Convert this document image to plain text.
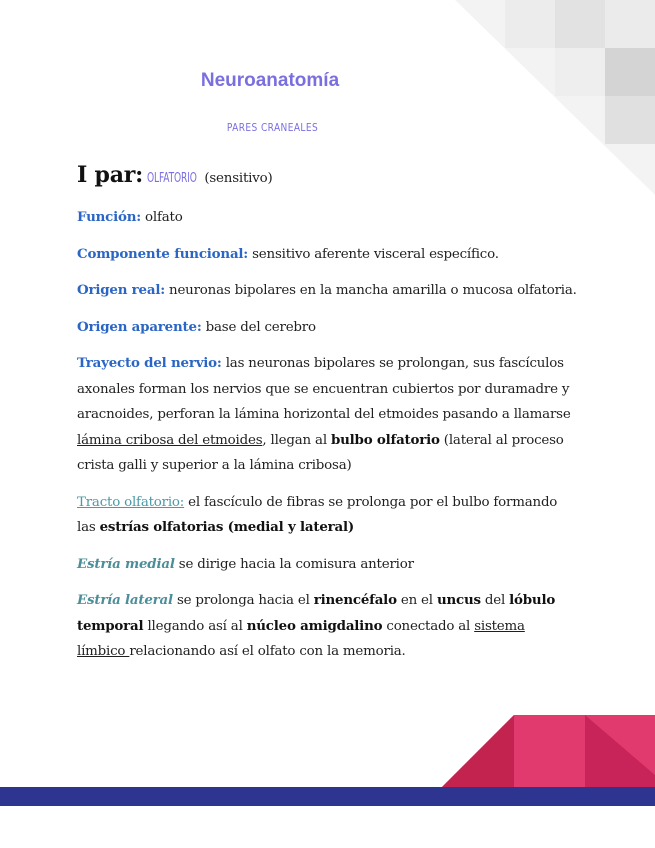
Neuroanatomía
PARES CRANEALES
I par: OLFATORIO (sensitivo)

Función: olfato

Componente funcional: sensitivo aferente visceral específico.

Origen real: neuronas bipolares en la mancha amarilla o mucosa olfatoria.

Origen aparente: base del cerebro

Trayecto del nervio: las neuronas bipolares se prolongan, sus fascículos axonales forman los nervios que se encuentran cubiertos por duramadre y aracnoides, perforan la lámina horizontal del etmoides pasando a llamarse lámina cribosa del etmoides, llegan al bulbo olfatorio (lateral al proceso crista galli y superior a la lámina cribosa)

Tracto olfatorio: el fascículo de fibras se prolonga por el bulbo formando las estrías olfatorias (medial y lateral)

Estría medial se dirige hacia la comisura anterior

Estría lateral se prolonga hacia el rinencéfalo en el uncus del lóbulo temporal llegando así al núcleo amigdalino conectado al sistema límbico relacionando así el olfato con la memoria.
